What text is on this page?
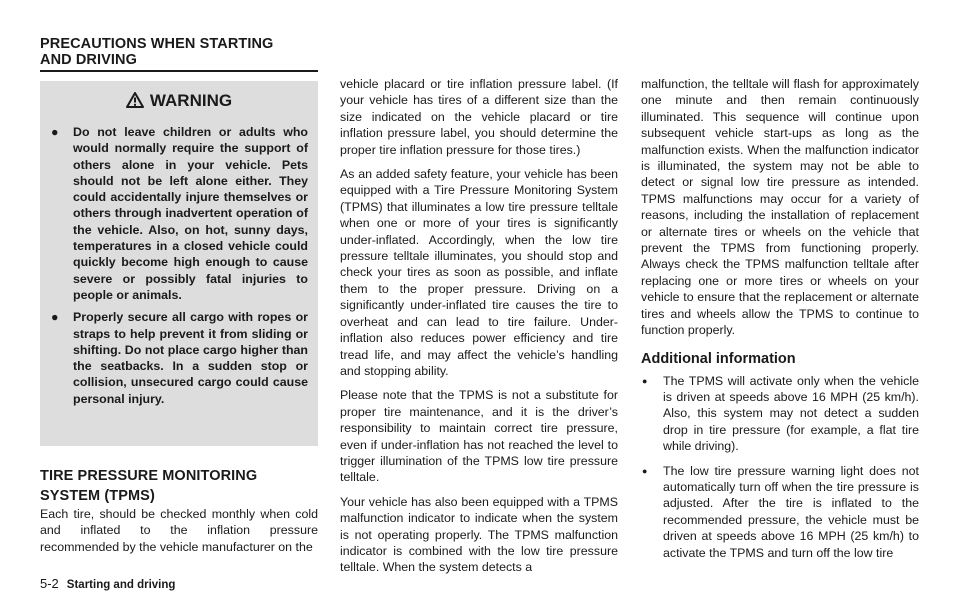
PRECAUTIONS WHEN STARTING
AND DRIVING
WARNING
● Do not leave children or adults who would normally require the support of others alone in your vehicle. Pets should not be left alone either. They could accidentally injure themselves or others through inadvertent operation of the vehicle. Also, on hot, sunny days, temperatures in a closed vehicle could quickly become high enough to cause severe or possibly fatal injuries to people or animals.
● Properly secure all cargo with ropes or straps to help prevent it from sliding or shifting. Do not place cargo higher than the seatbacks. In a sudden stop or collision, unsecured cargo could cause personal injury.
TIRE PRESSURE MONITORING
SYSTEM (TPMS)

Each tire, should be checked monthly when cold and inflated to the inflation pressure recommended by the vehicle manufacturer on the

vehicle placard or tire inflation pressure label. (If your vehicle has tires of a different size than the size indicated on the vehicle placard or tire inflation pressure label, you should determine the proper tire inflation pressure for those tires.)

As an added safety feature, your vehicle has been equipped with a Tire Pressure Monitoring System (TPMS) that illuminates a low tire pressure telltale when one or more of your tires is significantly under-inflated. Accordingly, when the low tire pressure telltale illuminates, you should stop and check your tires as soon as possible, and inflate them to the proper pressure. Driving on a significantly under-inflated tire causes the tire to overheat and can lead to tire failure. Under-inflation also reduces power efficiency and tire tread life, and may affect the vehicle’s handling and stopping ability.

Please note that the TPMS is not a substitute for proper tire maintenance, and it is the driver’s responsibility to maintain correct tire pressure, even if under-inflation has not reached the level to trigger illumination of the TPMS low tire pressure telltale.

Your vehicle has also been equipped with a TPMS malfunction indicator to indicate when the system is not operating properly. The TPMS malfunction indicator is combined with the low tire pressure telltale. When the system detects a

malfunction, the telltale will flash for approximately one minute and then remain continuously illuminated. This sequence will continue upon subsequent vehicle start-ups as long as the malfunction exists. When the malfunction indicator is illuminated, the system may not be able to detect or signal low tire pressure as intended. TPMS malfunctions may occur for a variety of reasons, including the installation of replacement or alternate tires or wheels on the vehicle that prevent the TPMS from functioning properly. Always check the TPMS malfunction telltale after replacing one or more tires or wheels on your vehicle to ensure that the replacement or alternate tires and wheels allow the TPMS to continue to function properly.

Additional information
● The TPMS will activate only when the vehicle is driven at speeds above 16 MPH (25 km/h). Also, this system may not detect a sudden drop in tire pressure (for example, a flat tire while driving).
● The low tire pressure warning light does not automatically turn off when the tire pressure is adjusted. After the tire is inflated to the recommended pressure, the vehicle must be driven at speeds above 16 MPH (25 km/h) to activate the TPMS and turn off the low tire
5-2 Starting and driving
